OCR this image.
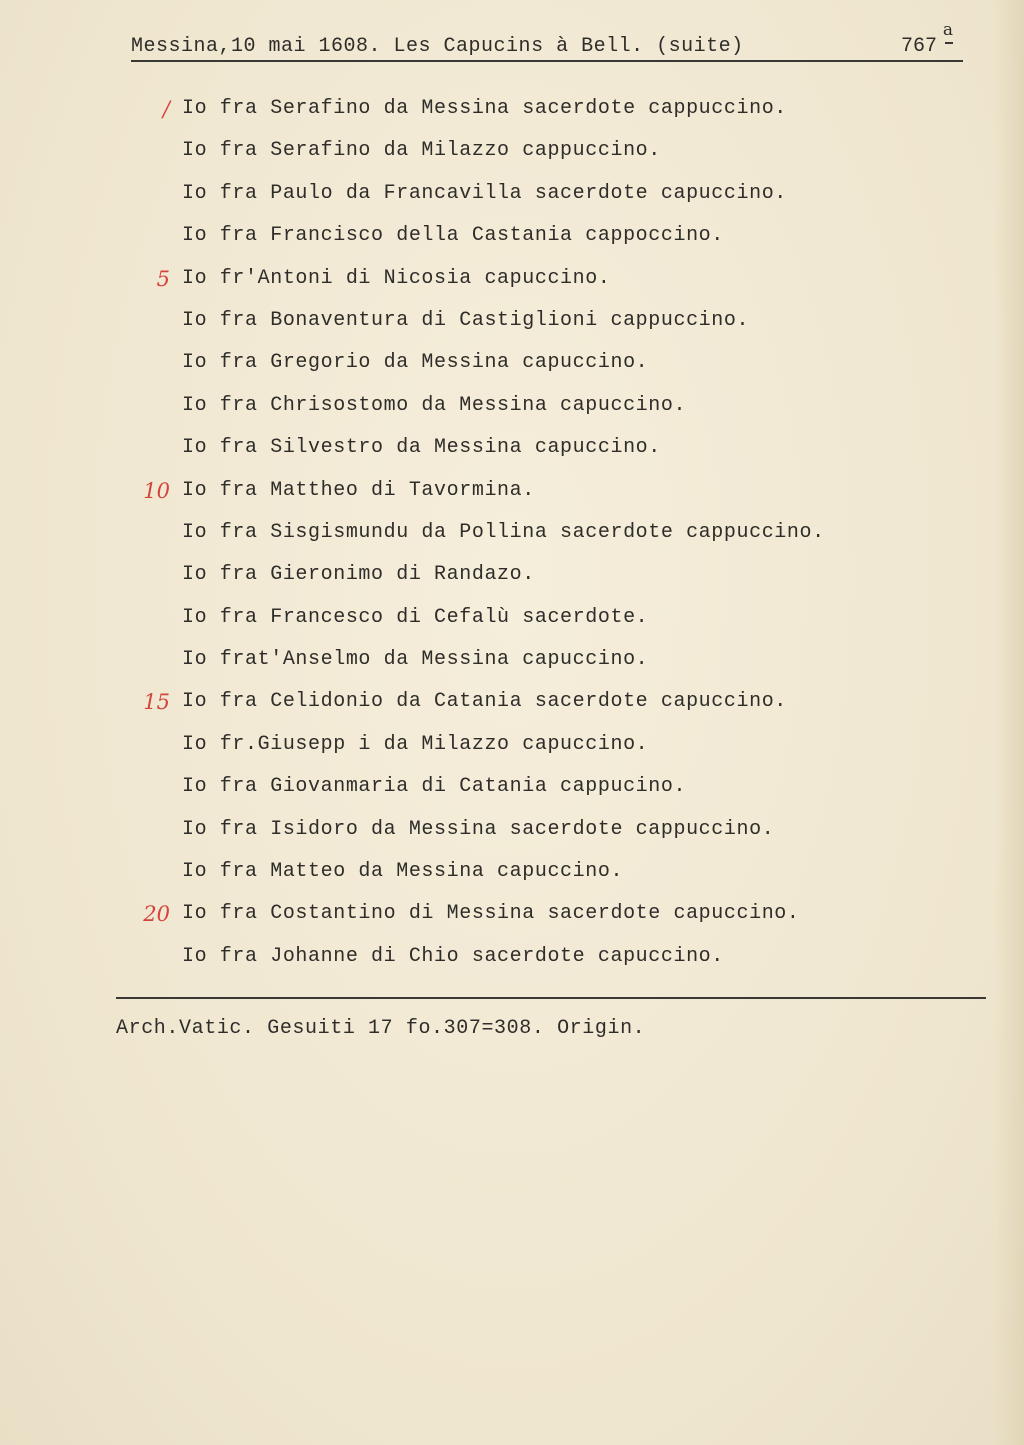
Messina,10 mai 1608. Les Capucins à Bell. (suite)	767
a
/ Io fra Serafino da Messina sacerdote cappuccino.
Io fra Serafino da Milazzo cappuccino.
Io fra Paulo da Francavilla sacerdote capuccino.
Io fra Francisco della Castania cappoccino.
5 Io fr'Antoni di Nicosia capuccino.
Io fra Bonaventura di Castiglioni cappuccino.
Io fra Gregorio da Messina capuccino.
Io fra Chrisostomo da Messina capuccino.
Io fra Silvestro da Messina capuccino.
10 Io fra Mattheo di Tavormina.
Io fra Sisgismundu da Pollina sacerdote cappuccino.
Io fra Gieronimo di Randazo.
Io fra Francesco di Cefalù sacerdote.
Io frat'Anselmo da Messina capuccino.
15 Io fra Celidonio da Catania sacerdote capuccino.
Io fr.Giusepp i da Milazzo capuccino.
Io fra Giovanmaria di Catania cappucino.
Io fra Isidoro da Messina sacerdote cappuccino.
Io fra Matteo da Messina capuccino.
20 Io fra Costantino di Messina sacerdote capuccino.
Io fra Johanne di Chio sacerdote capuccino.
Arch.Vatic. Gesuiti 17 fo.307=308. Origin.
